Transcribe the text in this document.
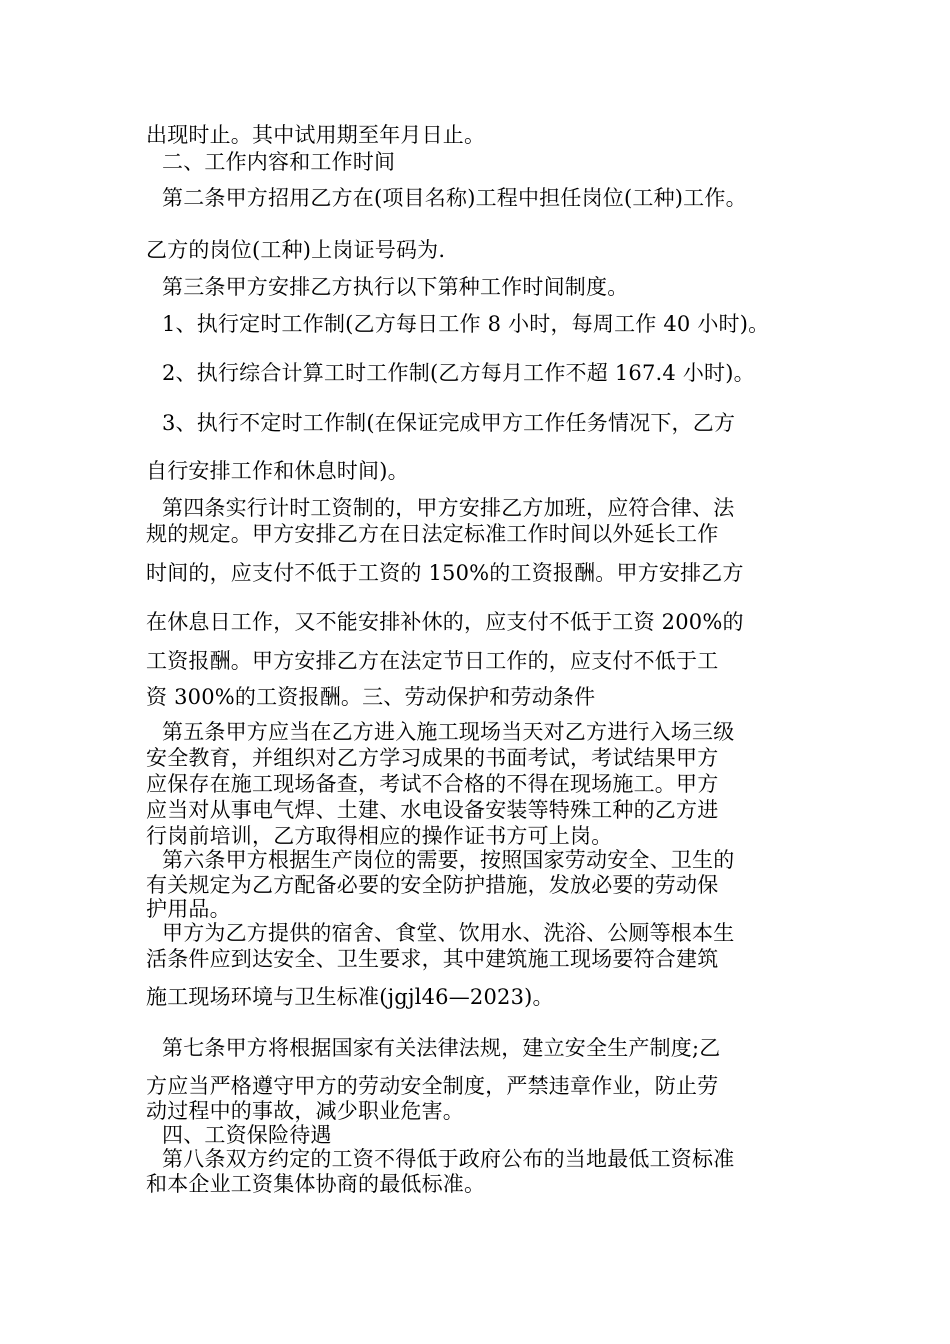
出现时止。其中试用期至年月日止。

二、工作内容和工作时间

第二条甲方招用乙方在(项目名称)工程中担任岗位(工种)工作。

乙方的岗位(工种)上岗证号码为.

第三条甲方安排乙方执行以下第种工作时间制度。

1、执行定时工作制(乙方每日工作 8 小时，每周工作 40 小时)。

2、执行综合计算工时工作制(乙方每月工作不超 167.4 小时)。

3、执行不定时工作制(在保证完成甲方工作任务情况下，乙方

自行安排工作和休息时间)。

第四条实行计时工资制的，甲方安排乙方加班，应符合律、法

规的规定。甲方安排乙方在日法定标准工作时间以外延长工作

时间的，应支付不低于工资的 150%的工资报酬。甲方安排乙方

在休息日工作，又不能安排补休的，应支付不低于工资 200%的

工资报酬。甲方安排乙方在法定节日工作的，应支付不低于工

资 300%的工资报酬。三、劳动保护和劳动条件

第五条甲方应当在乙方进入施工现场当天对乙方进行入场三级

安全教育，并组织对乙方学习成果的书面考试，考试结果甲方

应保存在施工现场备查，考试不合格的不得在现场施工。甲方

应当对从事电气焊、土建、水电设备安装等特殊工种的乙方进

行岗前培训，乙方取得相应的操作证书方可上岗。

第六条甲方根据生产岗位的需要，按照国家劳动安全、卫生的

有关规定为乙方配备必要的安全防护措施，发放必要的劳动保

护用品。

甲方为乙方提供的宿舍、食堂、饮用水、洗浴、公厕等根本生

活条件应到达安全、卫生要求，其中建筑施工现场要符合建筑

施工现场环境与卫生标准(jgjl46—2023)。

第七条甲方将根据国家有关法律法规，建立安全生产制度;乙

方应当严格遵守甲方的劳动安全制度，严禁违章作业，防止劳

动过程中的事故，减少职业危害。

四、工资保险待遇

第八条双方约定的工资不得低于政府公布的当地最低工资标准

和本企业工资集体协商的最低标准。
